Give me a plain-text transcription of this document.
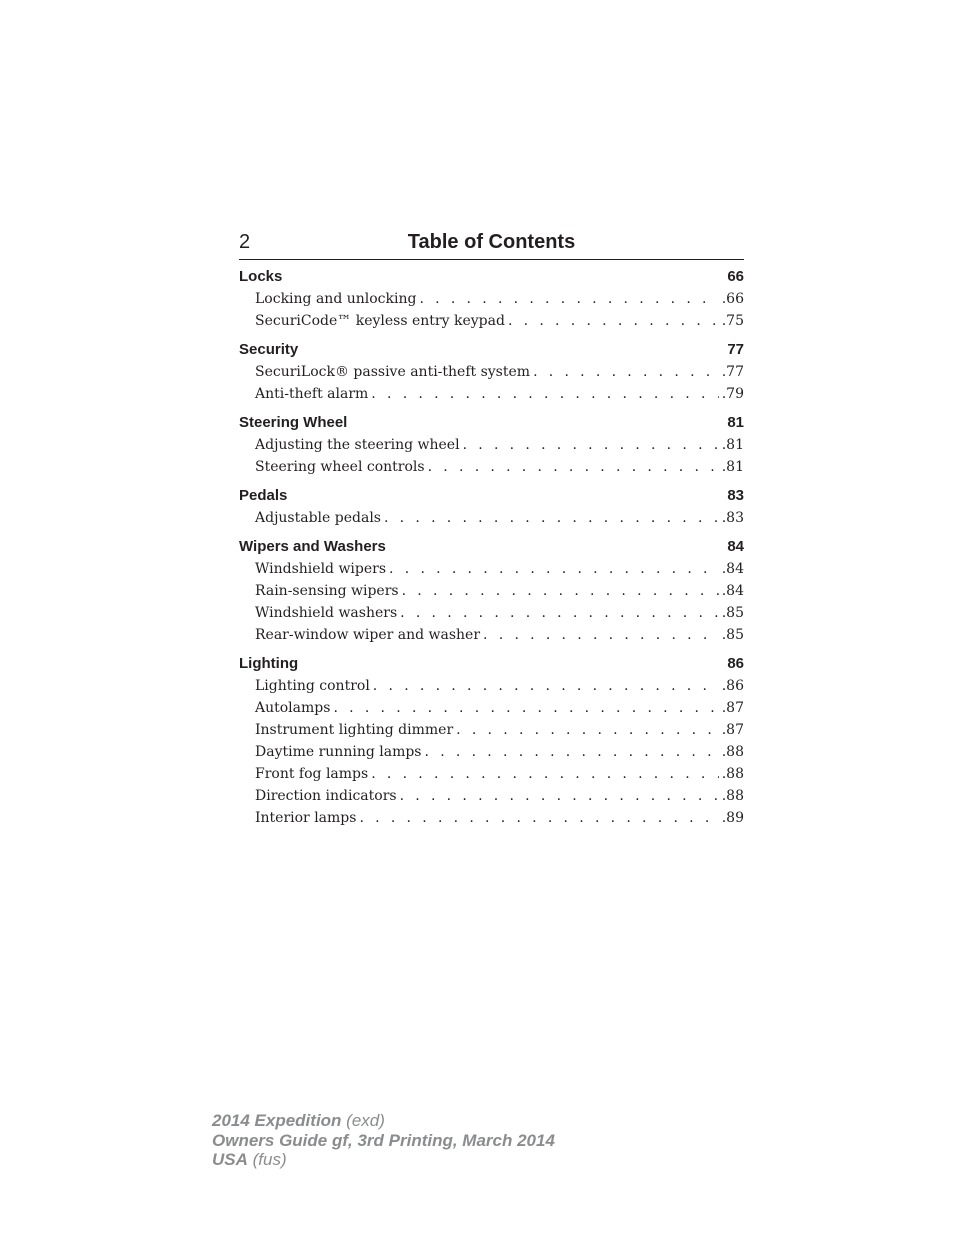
2	Table of Contents
Locks	66
Locking and unlocking . . .	.66
SecuriCode™ keyless entry keypad . . .	.75
Security	77
SecuriLock® passive anti-theft system . . .	.77
Anti-theft alarm . . .	.79
Steering Wheel	81
Adjusting the steering wheel . . .	.81
Steering wheel controls . . .	.81
Pedals	83
Adjustable pedals . . .	.83
Wipers and Washers	84
Windshield wipers . . .	.84
Rain-sensing wipers . . .	.84
Windshield washers . . .	.85
Rear-window wiper and washer . . .	.85
Lighting	86
Lighting control . . .	.86
Autolamps . . .	.87
Instrument lighting dimmer . . .	.87
Daytime running lamps . . .	.88
Front fog lamps . . .	.88
Direction indicators . . .	.88
Interior lamps . . .	.89
2014 Expedition (exd)
Owners Guide gf, 3rd Printing, March 2014
USA (fus)
